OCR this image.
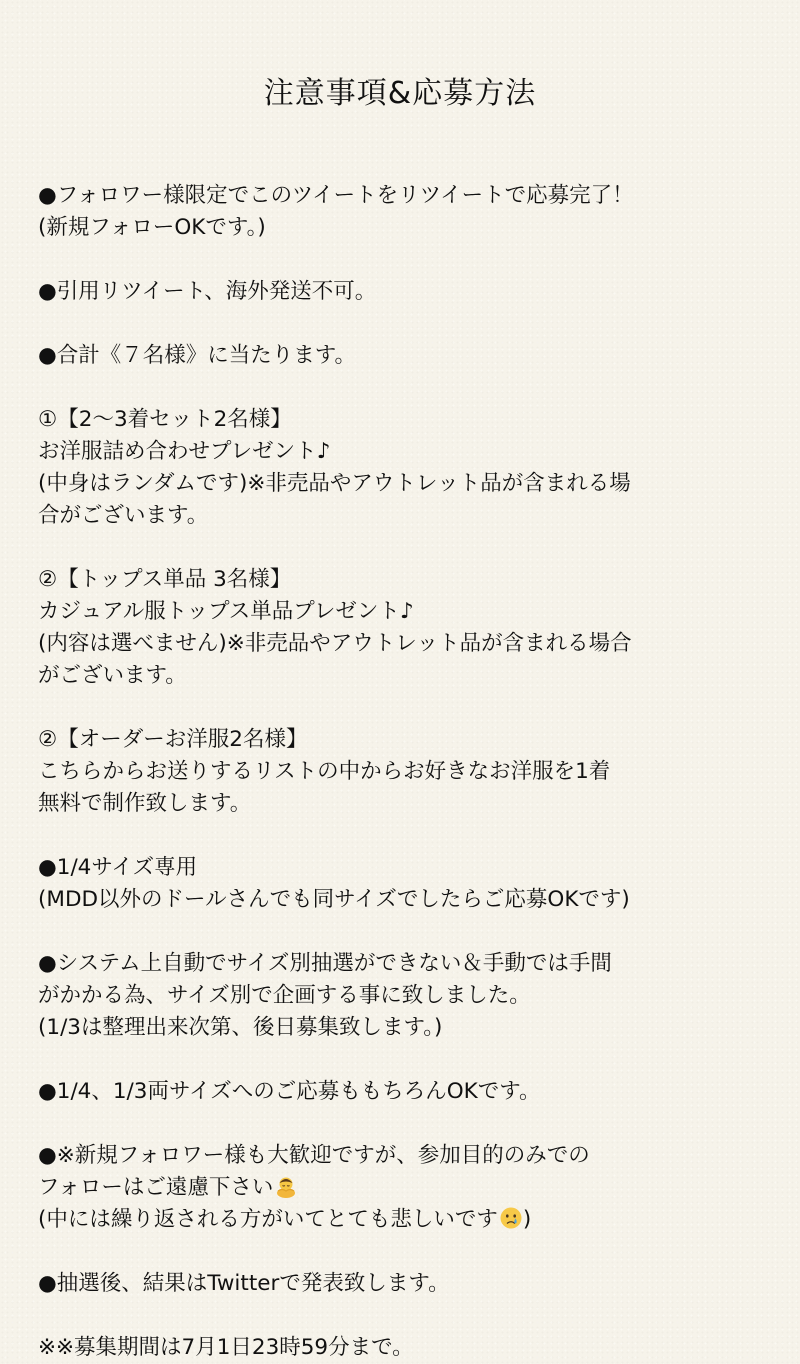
注意事項&応募方法
●フォロワー様限定でこのツイートをリツイートで応募完了！
(新規フォローOKです。)
●引用リツイート、海外発送不可。
●合計《７名様》に当たります。
①【2〜3着セット2名様】
お洋服詰め合わせプレゼント♪
(中身はランダムです)※非売品やアウトレット品が含まれる場
合がございます。
②【トップス単品 3名様】
カジュアル服トップス単品プレゼント♪
(内容は選べません)※非売品やアウトレット品が含まれる場合
がございます。
②【オーダーお洋服2名様】
こちらからお送りするリストの中からお好きなお洋服を1着
無料で制作致します。
●1/4サイズ専用
(MDD以外のドールさんでも同サイズでしたらご応募OKです)
●システム上自動でサイズ別抽選ができない＆手動では手間
がかかる為、サイズ別で企画する事に致しました。
(1/3は整理出来次第、後日募集致します。)
●1/4、1/3両サイズへのご応募ももちろんOKです。
●※新規フォロワー様も大歓迎ですが、参加目的のみでの
フォローはご遠慮下さい
(中には繰り返される方がいてとても悲しいです )
●抽選後、結果はTwitterで発表致します。
※※募集期間は7月1日23時59分まで。
